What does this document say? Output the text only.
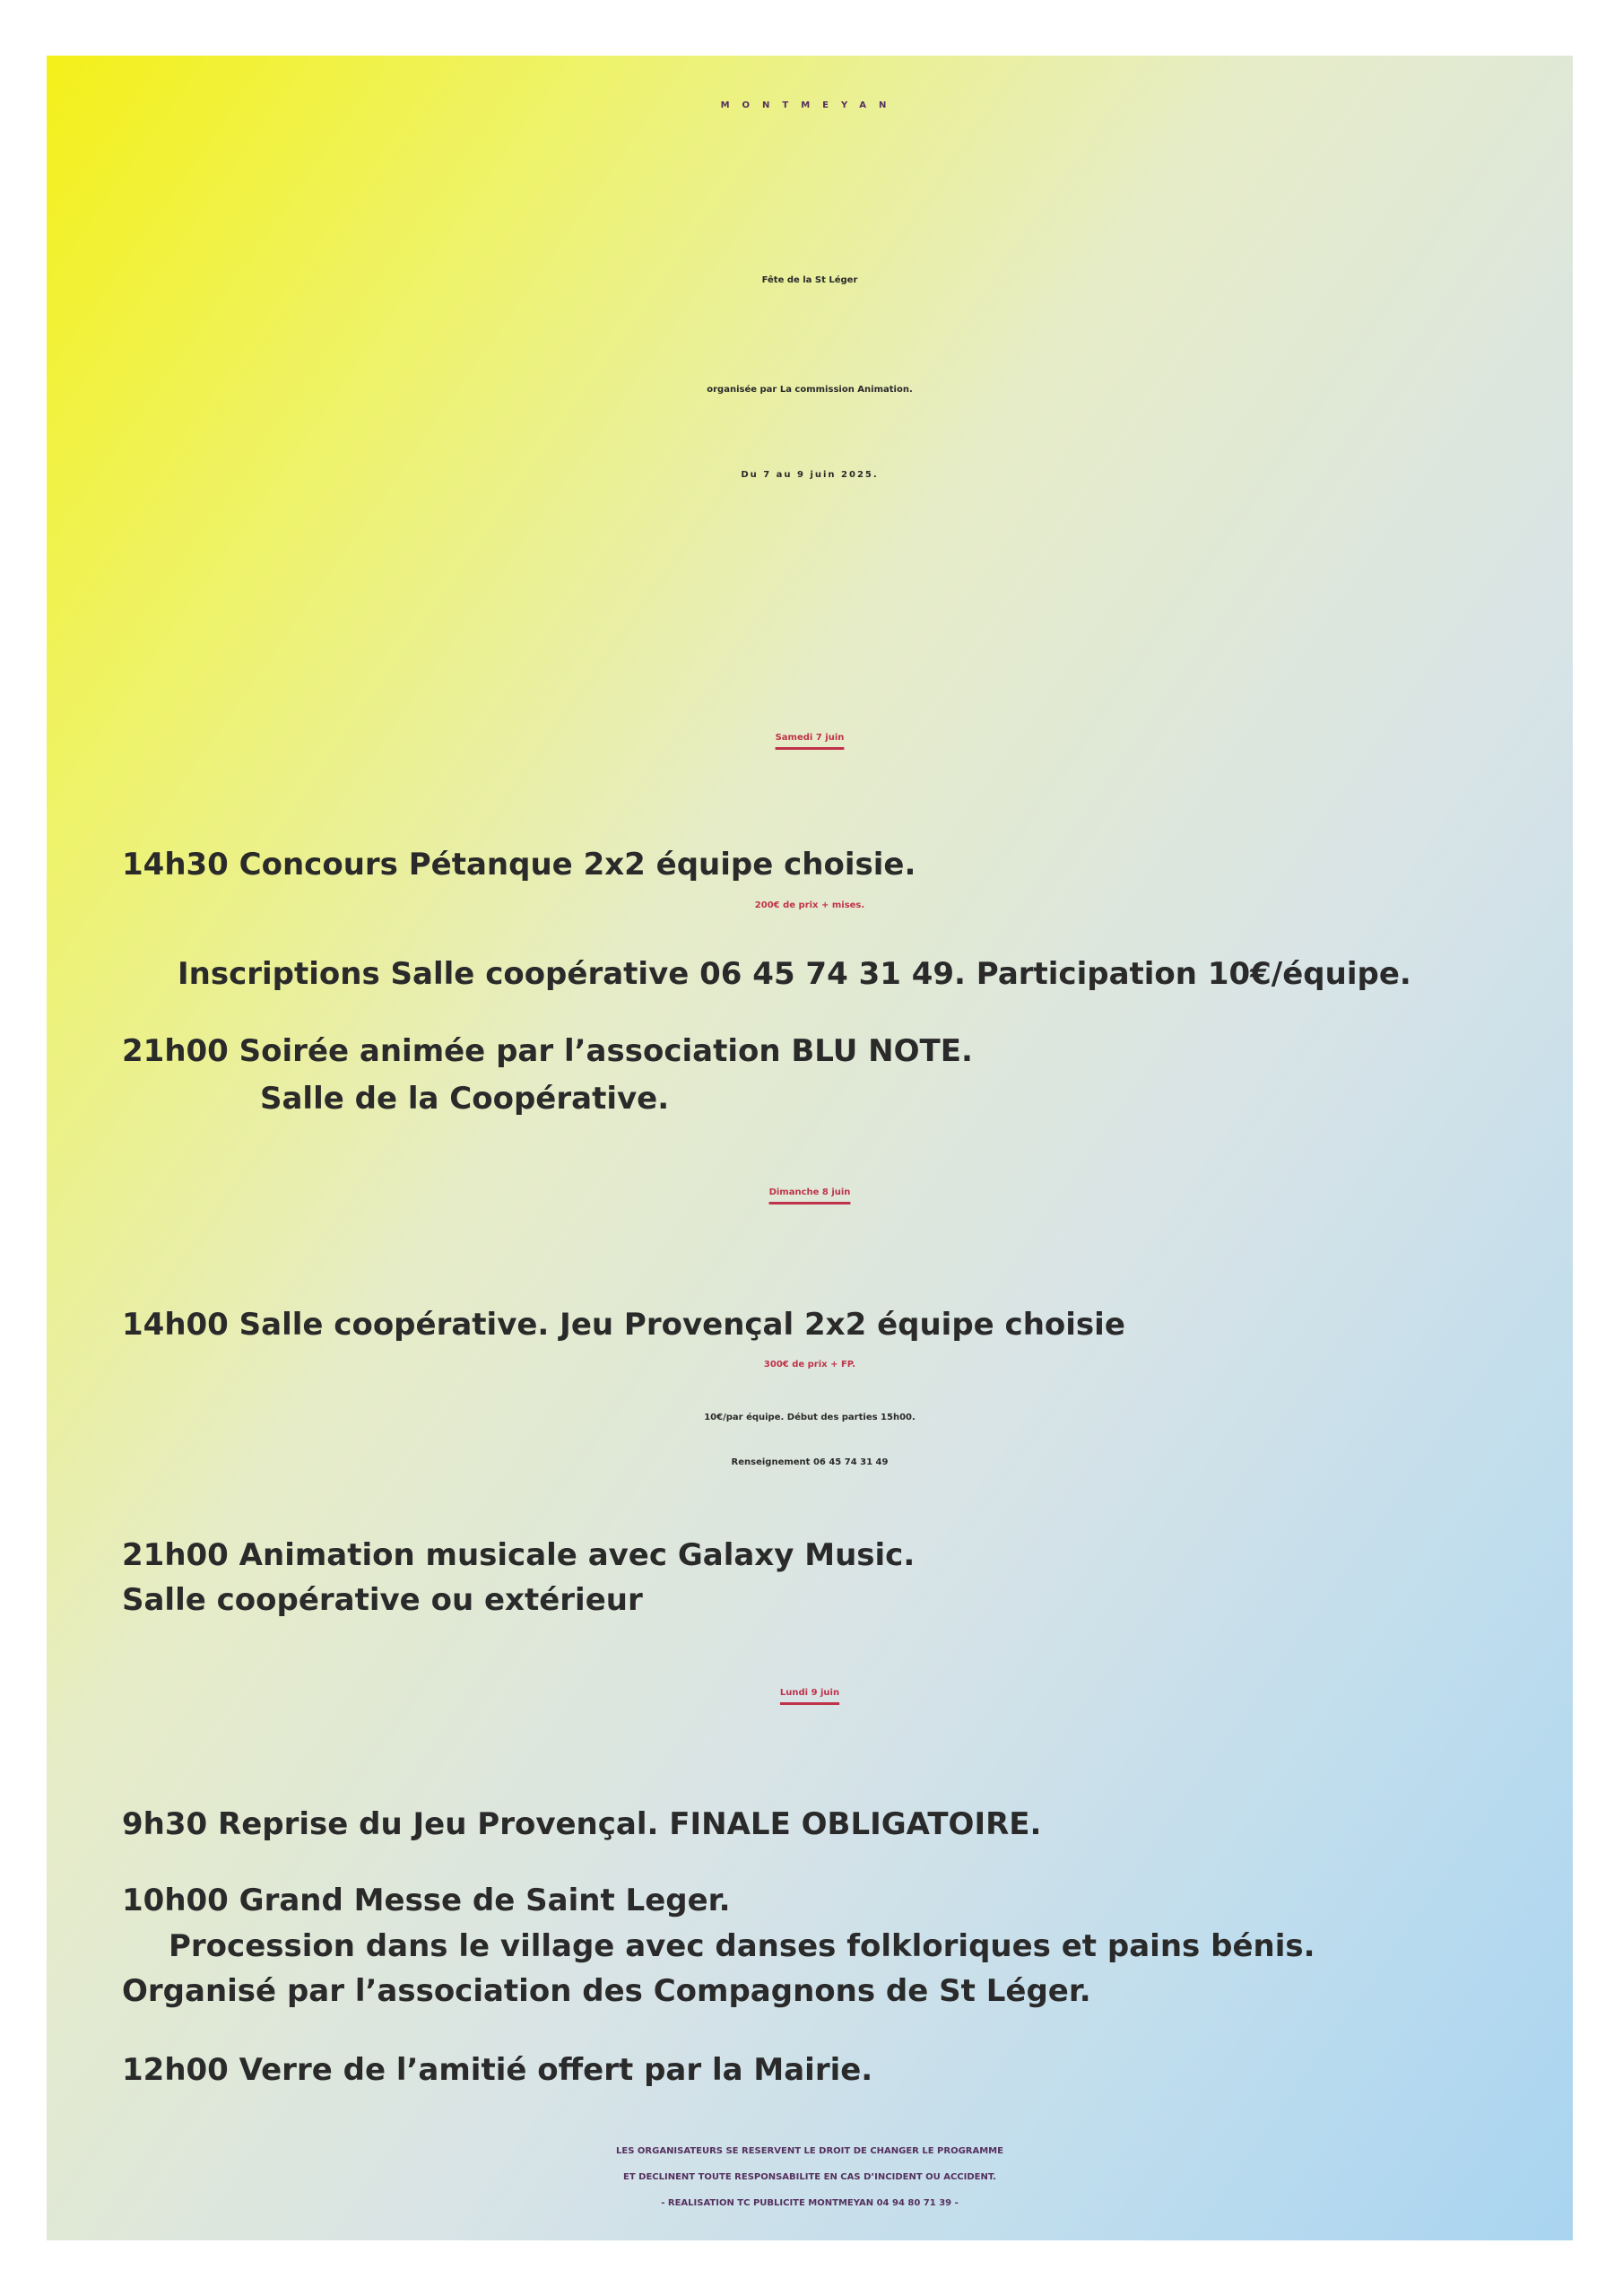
MONTMEYAN
Fête de la St Léger
organisée par La commission Animation.
Du 7 au 9 juin 2025.
Samedi 7 juin
14h30 Concours Pétanque 2x2 équipe choisie.
200€ de prix + mises.
Inscriptions Salle coopérative 06 45 74 31 49. Participation 10€/équipe.
21h00 Soirée animée par l’association BLU NOTE.
Salle de la Coopérative.
Dimanche 8 juin
14h00 Salle coopérative. Jeu Provençal 2x2 équipe choisie
300€ de prix + FP.
10€/par équipe. Début des parties 15h00.
Renseignement 06 45 74 31 49
21h00 Animation musicale avec Galaxy Music.
Salle coopérative ou extérieur
Lundi 9 juin
9h30 Reprise du Jeu Provençal. FINALE OBLIGATOIRE.
10h00 Grand Messe de Saint Leger.
Procession dans le village avec danses folkloriques et pains bénis.
Organisé par l’association des Compagnons de St Léger.
12h00 Verre de l’amitié offert par la Mairie.
LES ORGANISATEURS SE RESERVENT LE DROIT DE CHANGER LE PROGRAMME
ET DECLINENT TOUTE RESPONSABILITE EN CAS D’INCIDENT OU ACCIDENT.
- REALISATION TC PUBLICITE MONTMEYAN 04 94 80 71 39 -
